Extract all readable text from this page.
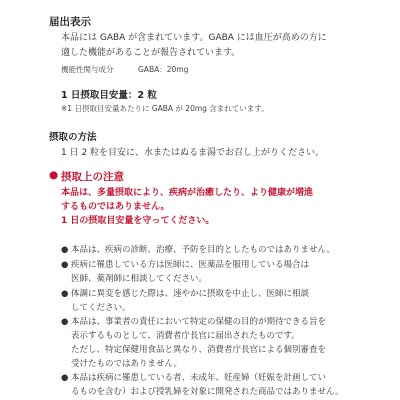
届出表示
本品には GABA が含まれています。GABA には血圧が高めの方に
適した機能があることが報告されています。
機能性関与成分	GABA：20mg
1 日摂取目安量：2 粒
※1 日摂取目安量あたりに GABA が 20mg 含まれています。
摂取の方法
1 日 2 粒を目安に、水またはぬるま湯でお召し上がりください。
● 摂取上の注意
本品は、多量摂取により、疾病が治癒したり、より健康が増進
するものではありません。
1 日の摂取目安量を守ってください。
● 本品は、疾病の診断、治療、予防を目的としたものではありません。
● 疾病に罹患している方は医師に、医薬品を服用している場合は
医師、薬剤師に相談してください。
● 体調に異変を感じた際は、速やかに摂取を中止し、医師に相談
してください。
● 本品は、事業者の責任において特定の保健の目的が期待できる旨を
表示するものとして、消費者庁長官に届出されたものです。
ただし、特定保健用食品と異なり、消費者庁長官による個別審査を
受けたものではありません。
● 本品は疾病に罹患している者、未成年、妊産婦（妊娠を計画してい
るものを含む）および授乳婦を対象に開発された商品ではありません。
